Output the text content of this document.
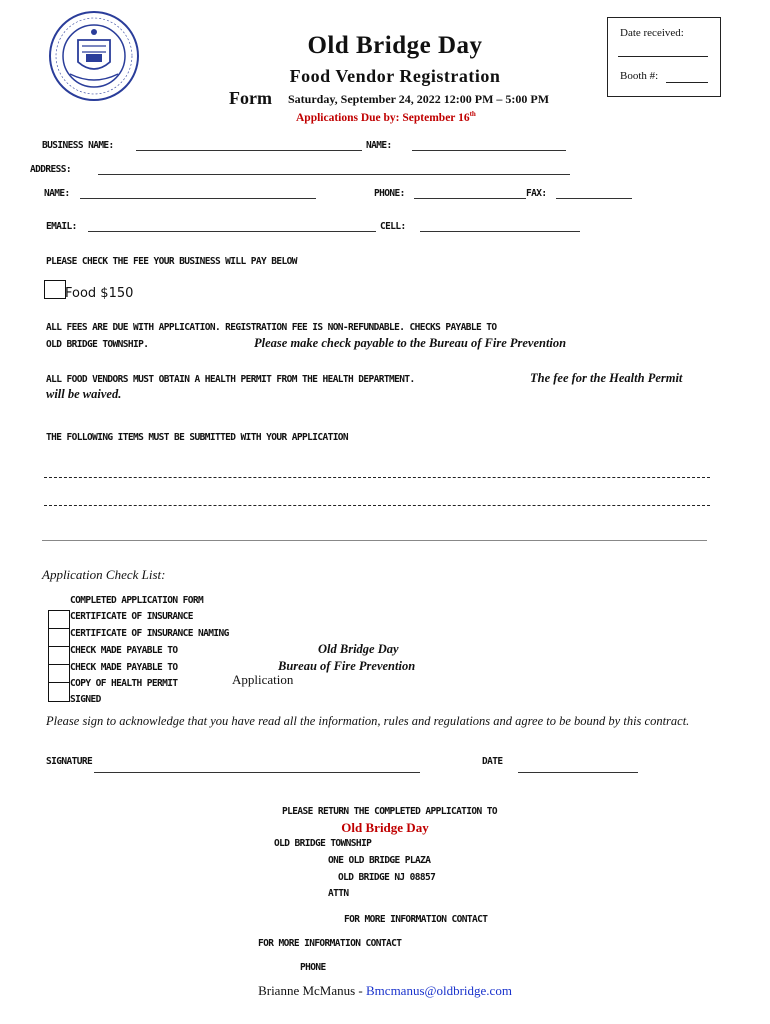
Old Bridge Day
Food Vendor Registration
Form Saturday, September 24, 2022 12:00 PM – 5:00 PM
Applications Due by: September 16th
Date received:
Booth #:
BUSINESS NAME:	NAME:
ADDRESS:
NAME:	PHONE:	FAX:
EMAIL:	CELL:
PLEASE CHECK THE FEE YOUR BUSINESS WILL PAY BELOW
Food $150
ALL FEES ARE DUE WITH APPLICATION. REGISTRATION FEE IS NON-REFUNDABLE. CHECKS PAYABLE TO
OLD BRIDGE TOWNSHIP.	Please make check payable to the Bureau of Fire Prevention
ALL FOOD VENDORS MUST OBTAIN A HEALTH PERMIT FROM THE HEALTH DEPARTMENT.	The fee for the Health Permit
will be waived.
THE FOLLOWING ITEMS MUST BE SUBMITTED WITH YOUR APPLICATION
Application Check List:
COMPLETED APPLICATION FORM
CERTIFICATE OF INSURANCE
CERTIFICATE OF INSURANCE NAMING
CHECK MADE PAYABLE TO	Old Bridge Day
CHECK MADE PAYABLE TO	Bureau of Fire Prevention
COPY OF HEALTH PERMIT
SIGNED
Application
Please sign to acknowledge that you have read all the information, rules and regulations and agree to be bound by this contract.
SIGNATURE	DATE
PLEASE RETURN THE COMPLETED APPLICATION TO
Old Bridge Day
OLD BRIDGE TOWNSHIP
ONE OLD BRIDGE PLAZA
OLD BRIDGE NJ 08857
ATTN
FOR MORE INFORMATION CONTACT
FOR MORE INFORMATION CONTACT
PHONE
Brianne McManus - Bmcmanus@oldbridge.com
